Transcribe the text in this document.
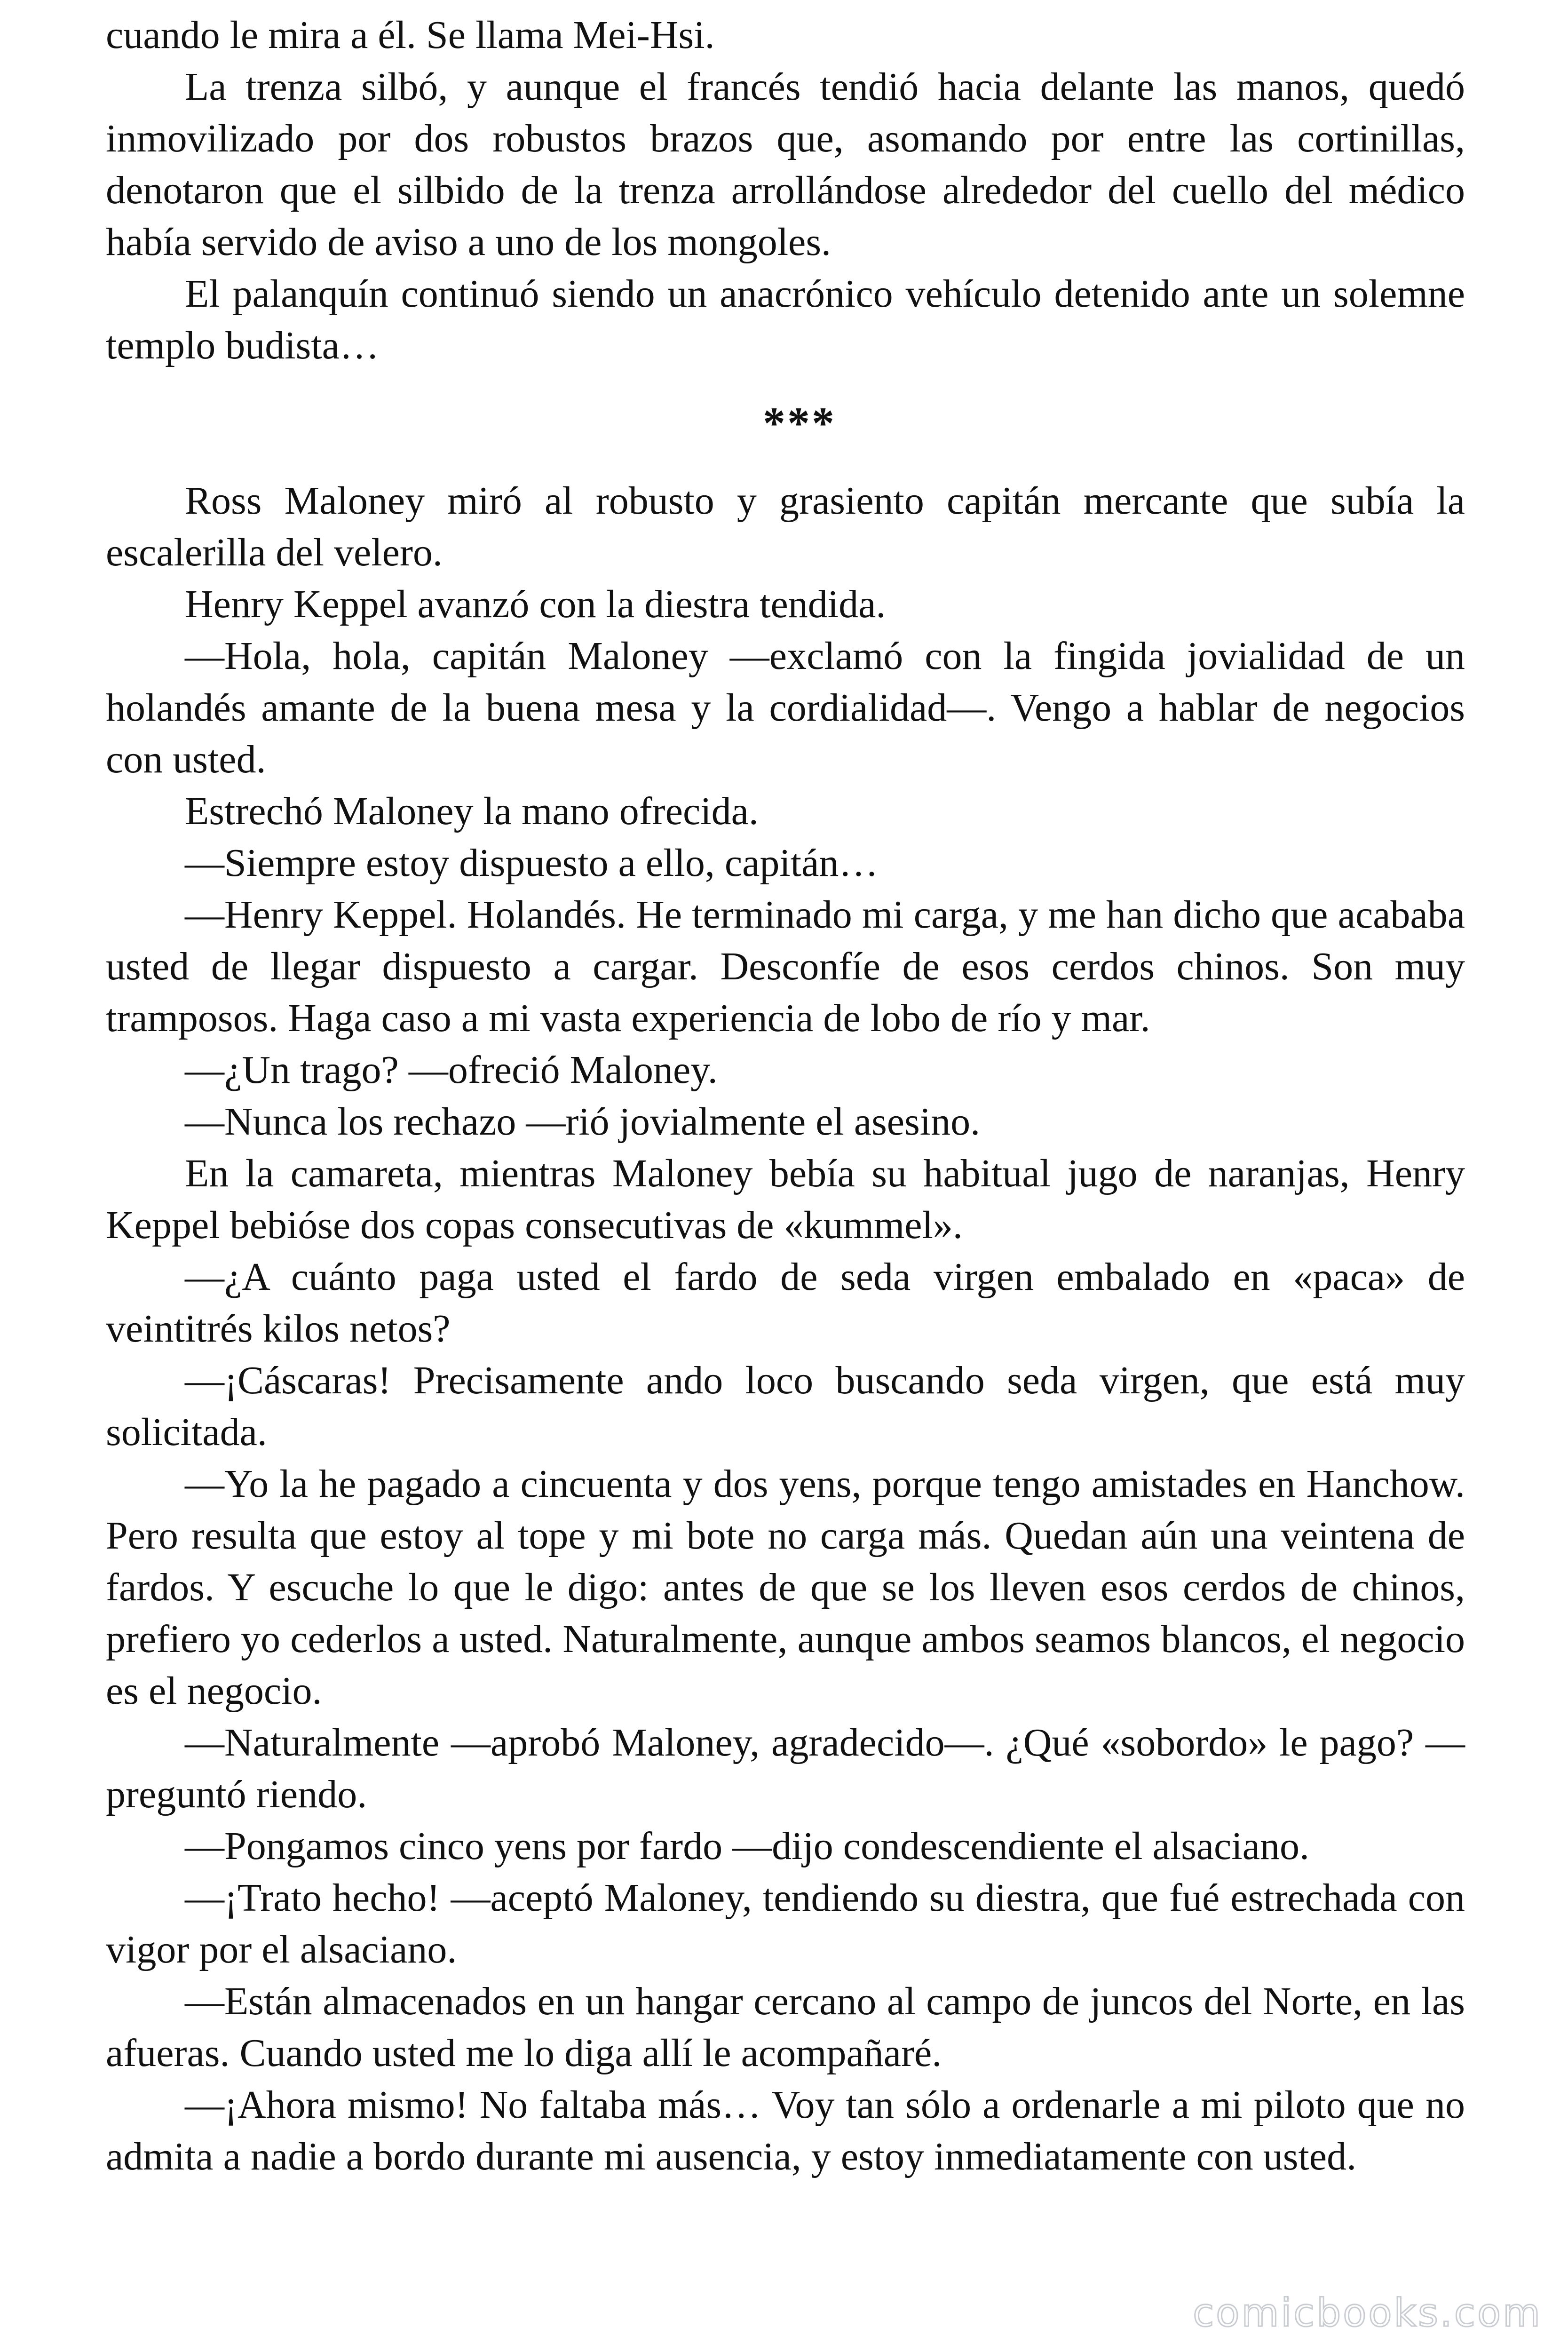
cuando le mira a él. Se llama Mei-Hsi.

La trenza silbó, y aunque el francés tendió hacia delante las manos, quedó inmovilizado por dos robustos brazos que, asomando por entre las cortinillas, denotaron que el silbido de la trenza arrollándose alrededor del cuello del médico había servido de aviso a uno de los mongoles.

El palanquín continuó siendo un anacrónico vehículo detenido ante un solemne templo budista…

***

Ross Maloney miró al robusto y grasiento capitán mercante que subía la escalerilla del velero.

Henry Keppel avanzó con la diestra tendida.

—Hola, hola, capitán Maloney —exclamó con la fingida jovialidad de un holandés amante de la buena mesa y la cordialidad—. Vengo a hablar de negocios con usted.

Estrechó Maloney la mano ofrecida.

—Siempre estoy dispuesto a ello, capitán…

—Henry Keppel. Holandés. He terminado mi carga, y me han dicho que acababa usted de llegar dispuesto a cargar. Desconfíe de esos cerdos chinos. Son muy tramposos. Haga caso a mi vasta experiencia de lobo de río y mar.

—¿Un trago? —ofreció Maloney.

—Nunca los rechazo —rió jovialmente el asesino.

En la camareta, mientras Maloney bebía su habitual jugo de naranjas, Henry Keppel bebióse dos copas consecutivas de «kummel».

—¿A cuánto paga usted el fardo de seda virgen embalado en «paca» de veintitrés kilos netos?

—¡Cáscaras! Precisamente ando loco buscando seda virgen, que está muy solicitada.

—Yo la he pagado a cincuenta y dos yens, porque tengo amistades en Hanchow. Pero resulta que estoy al tope y mi bote no carga más. Quedan aún una veintena de fardos. Y escuche lo que le digo: antes de que se los lleven esos cerdos de chinos, prefiero yo cederlos a usted. Naturalmente, aunque ambos seamos blancos, el negocio es el negocio.

—Naturalmente —aprobó Maloney, agradecido—. ¿Qué «sobordo» le pago? —preguntó riendo.

—Pongamos cinco yens por fardo —dijo condescendiente el alsaciano.

—¡Trato hecho! —aceptó Maloney, tendiendo su diestra, que fué estrechada con vigor por el alsaciano.

—Están almacenados en un hangar cercano al campo de juncos del Norte, en las afueras. Cuando usted me lo diga allí le acompañaré.

—¡Ahora mismo! No faltaba más… Voy tan sólo a ordenarle a mi piloto que no admita a nadie a bordo durante mi ausencia, y estoy inmediatamente con usted.

comicbooks.com
